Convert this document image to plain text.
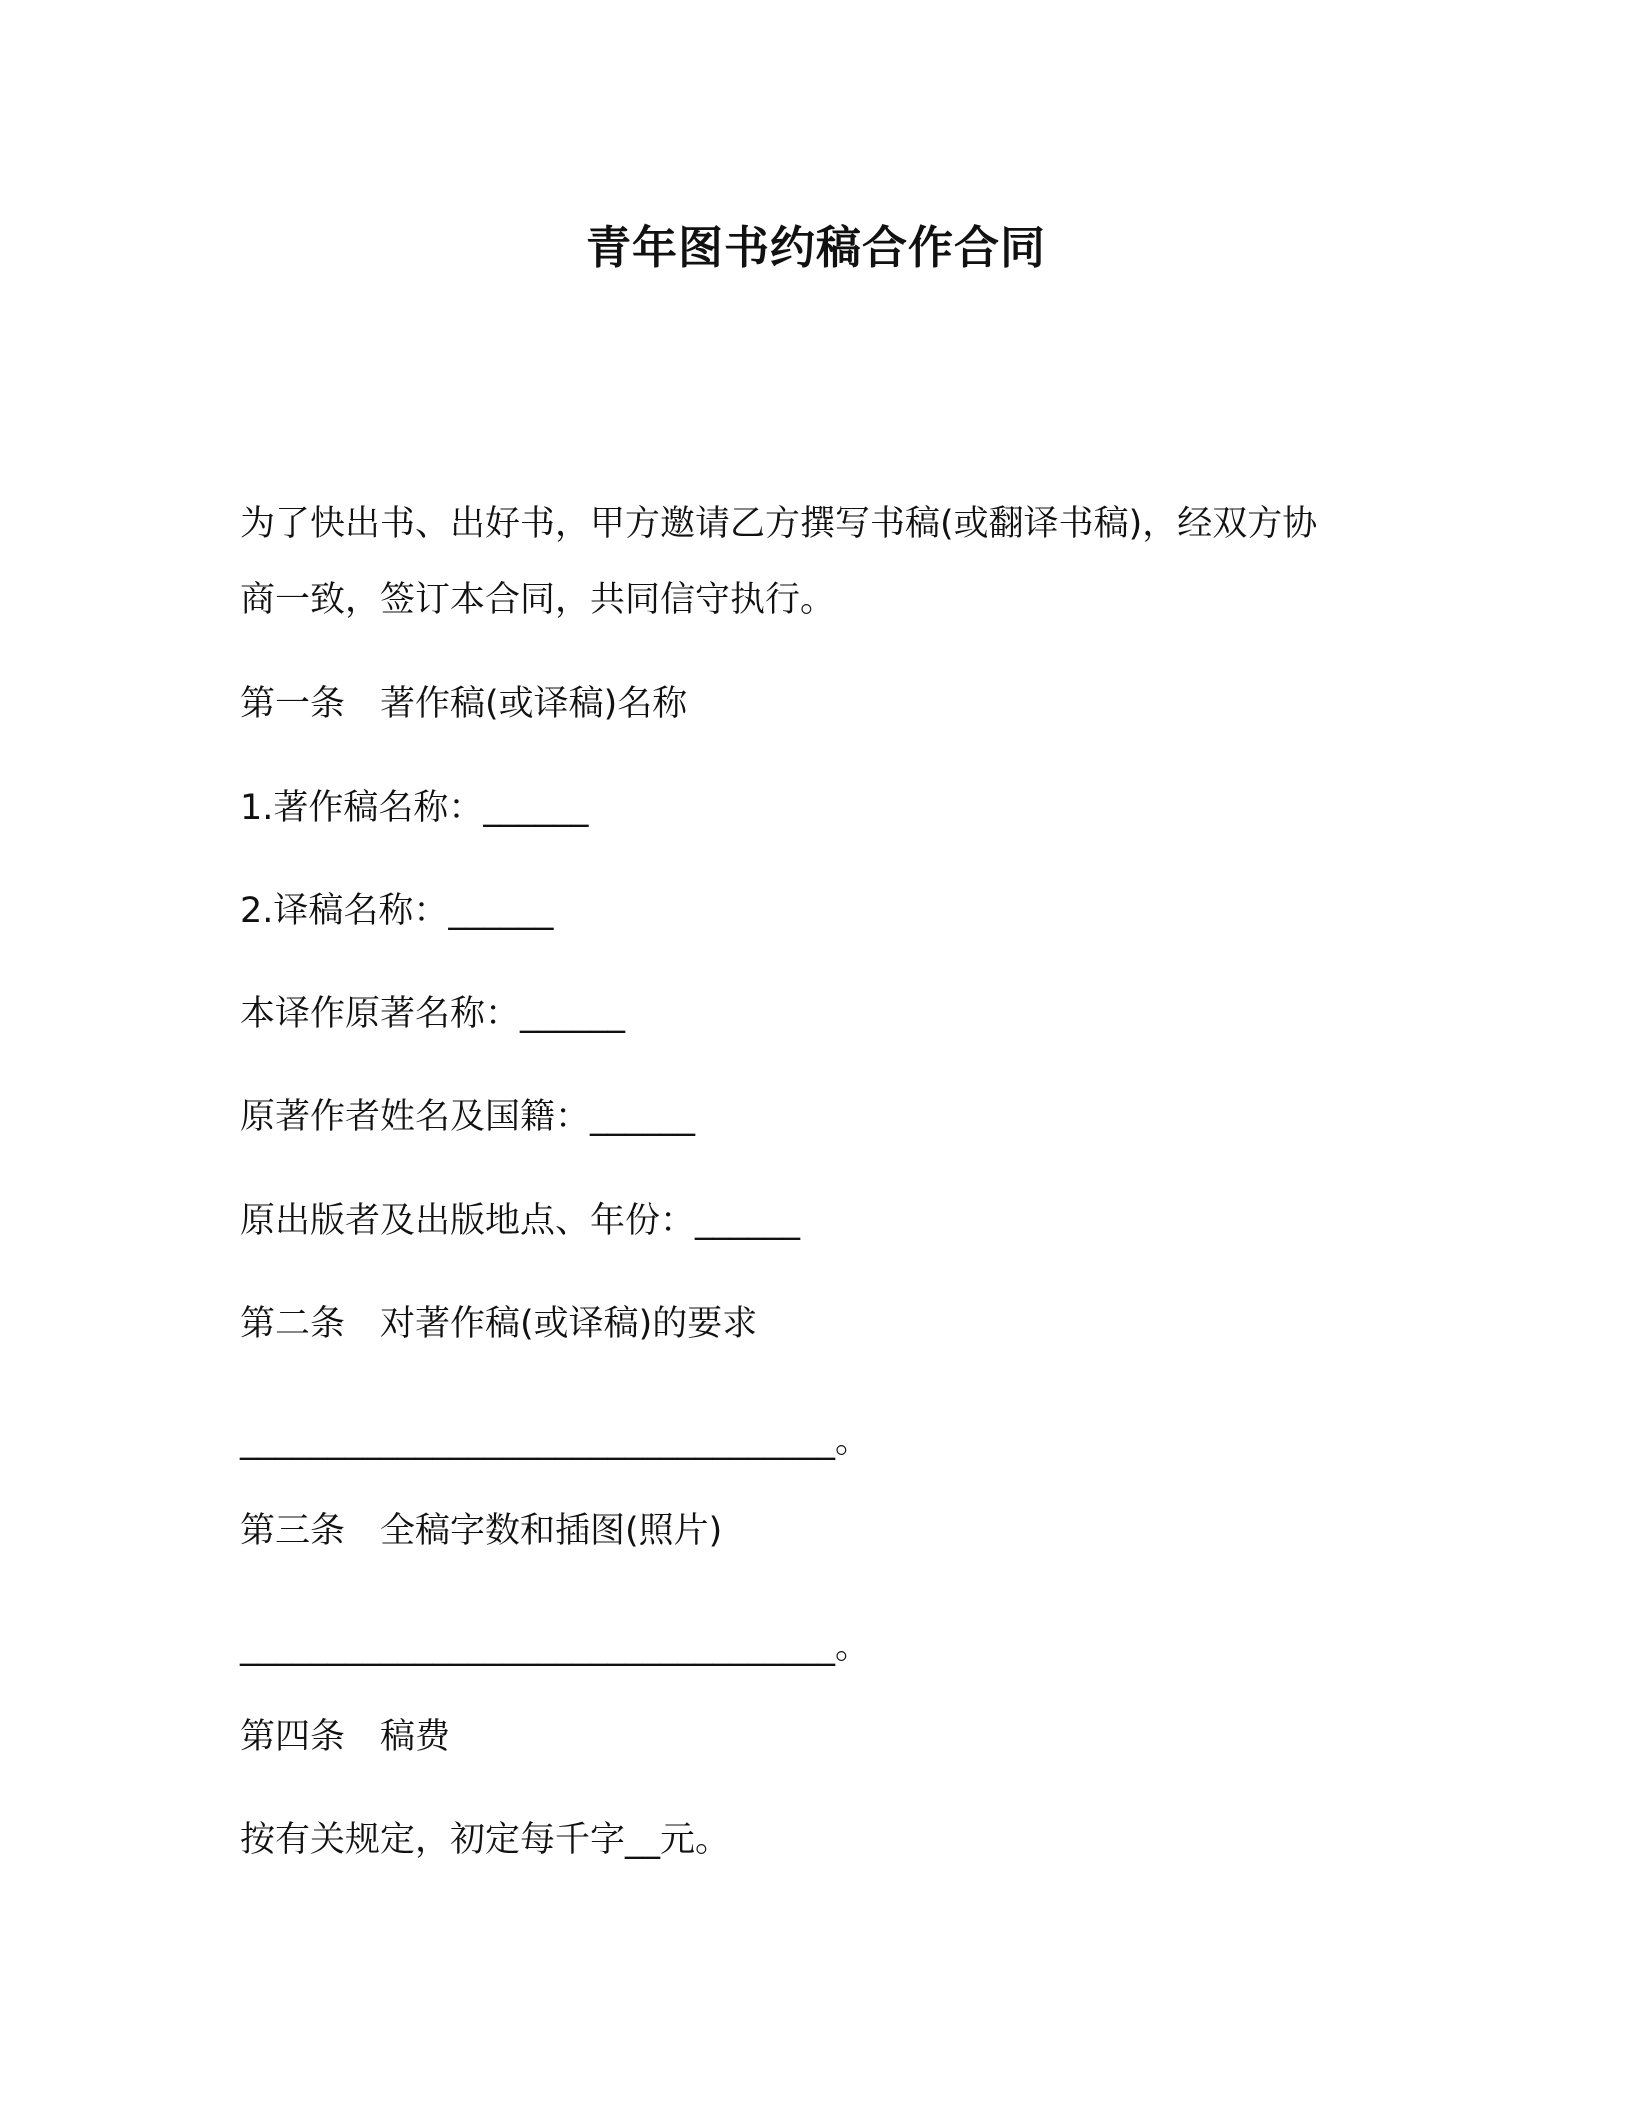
青年图书约稿合作合同
为了快出书、出好书，甲方邀请乙方撰写书稿(或翻译书稿)，经双方协
商一致，签订本合同，共同信守执行。
第一条　著作稿(或译稿)名称
1.著作稿名称：______
2.译稿名称：______
本译作原著名称：______
原著作者姓名及国籍：______
原出版者及出版地点、年份：______
第二条　对著作稿(或译稿)的要求
__________________________________。
第三条　全稿字数和插图(照片)
__________________________________。
第四条　稿费
按有关规定，初定每千字__元。
